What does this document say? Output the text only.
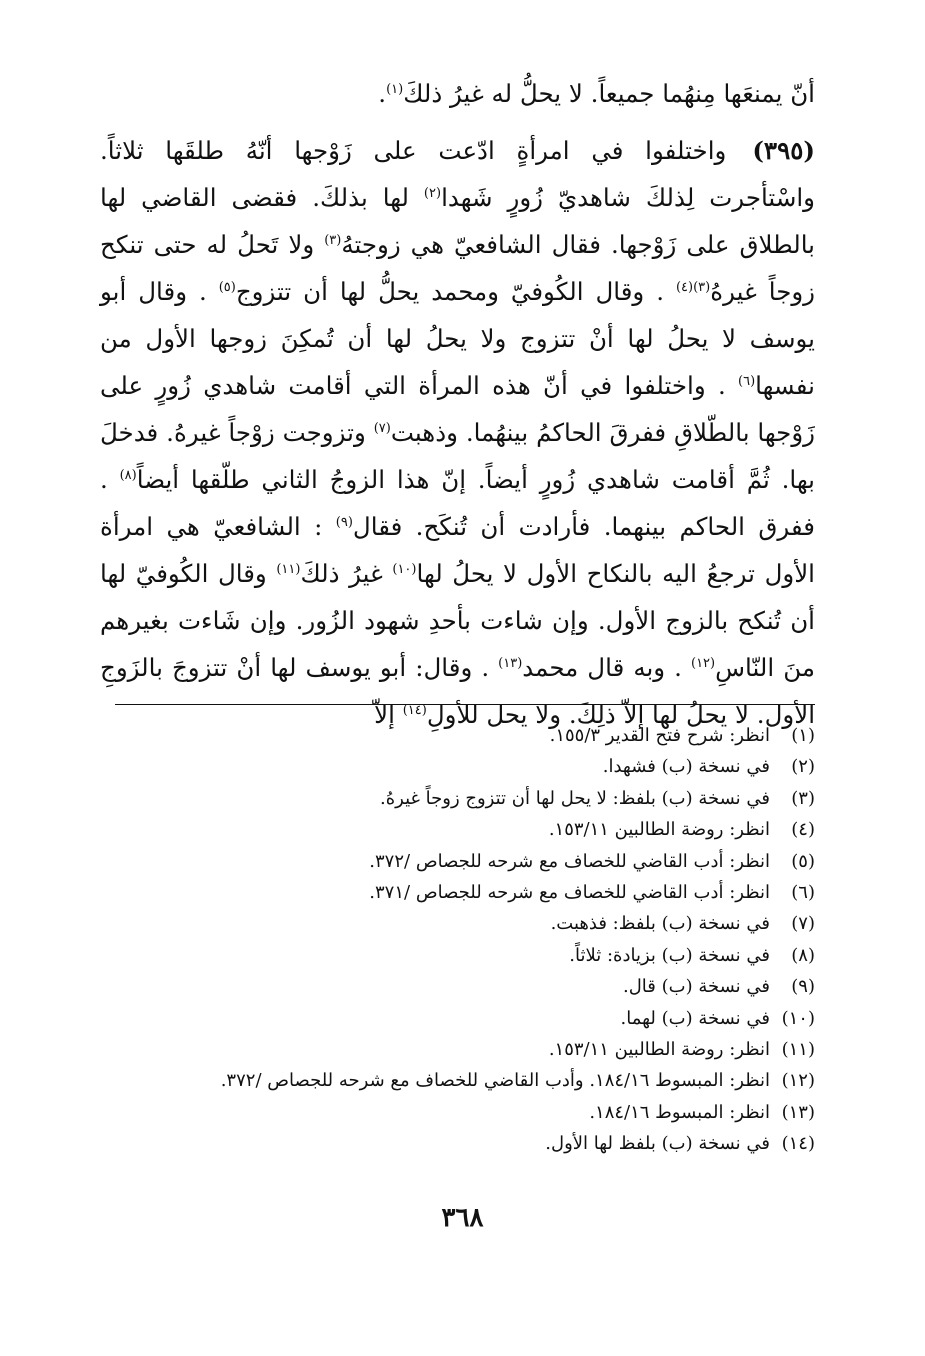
أنّ يمنعَها مِنهُما جميعاً. لا يحلُّ له غيرُ ذلكَ$^{(١)}$.

(٣٩٥)واختلفوا في امرأةٍ ادّعت على زَوْجها أنّهُ طلقَها ثلاثاً. واسْتأجرت لِذلكَ شاهديّ زُورٍ شَهدا$^{(٢)}$ لها بذلكَ. فقضى القاضي لها بالطلاق على زَوْجها. فقال الشافعيّ هي زوجتهُ$^{(٣)}$ ولا تَحلُ له حتى تنكح زوجاً غيرهُ$^{(٣)(٤)}$ . وقال الكُوفيّ ومحمد يحلُّ لها أن تتزوج$^{(٥)}$ . وقال أبو يوسف لا يحلُ لها أنْ تتزوج ولا يحلُ لها أن تُمكِنَ زوجها الأول من نفسها$^{(٦)}$ . واختلفوا في أنّ هذه المرأة التي أقامت شاهدي زُورٍ على زَوْجها بالطّلاقِ ففرقَ الحاكمُ بينهُما. وذهبت$^{(٧)}$ وتزوجت زوْجاً غيرهُ. فدخلَ بها. ثُمَّ أقامت شاهدي زُورٍ أيضاً. إنّ هذا الزوجُ الثاني طلّقها أيضاً$^{(٨)}$ . ففرق الحاكم بينهما. فأرادت أن تُنكَح. فقال$^{(٩)}$ : الشافعيّ هي امرأة الأول ترجعُ اليه بالنكاح الأول لا يحلُ لها$^{(١٠)}$ غيرُ ذلكَ$^{(١١)}$ وقال الكُوفيّ لها أن تُنكح بالزوج الأول. وإن شاءت بأحدِ شهود الزُور. وإن شَاءت بغيرهم منَ النّاسِ$^{(١٢)}$ . وبه قال محمد$^{(١٣)}$ . وقال: أبو يوسف لها أنْ تتزوجَ بالزَوجِ الأول. لا يحلُ لها إلاّ ذلِكَ. ولا يحل للأولِ$^{(١٤)}$ إلاّ

(١)
انظر: شرح فتح القدير ١٥٥/٣.
(٢)
في نسخة (ب) فشهدا.
(٣)
في نسخة (ب) بلفظ: لا يحل لها أن تتزوج زوجاً غيرهُ.
(٤)
انظر: روضة الطالبين ١٥٣/١١.
(٥)
انظر: أدب القاضي للخصاف مع شرحه للجصاص /٣٧٢.
(٦)
انظر: أدب القاضي للخصاف مع شرحه للجصاص /٣٧١.
(٧)
في نسخة (ب) بلفظ: فذهبت.
(٨)
في نسخة (ب) بزيادة: ثلاثاً.
(٩)
في نسخة (ب) قال.
(١٠)
في نسخة (ب) لهما.
(١١)
انظر: روضة الطالبين ١٥٣/١١.
(١٢)
انظر: المبسوط ١٨٤/١٦. وأدب القاضي للخصاف مع شرحه للجصاص /٣٧٢.
(١٣)
انظر: المبسوط ١٨٤/١٦.
(١٤)
في نسخة (ب) بلفظ لها الأول.
٣٦٨
